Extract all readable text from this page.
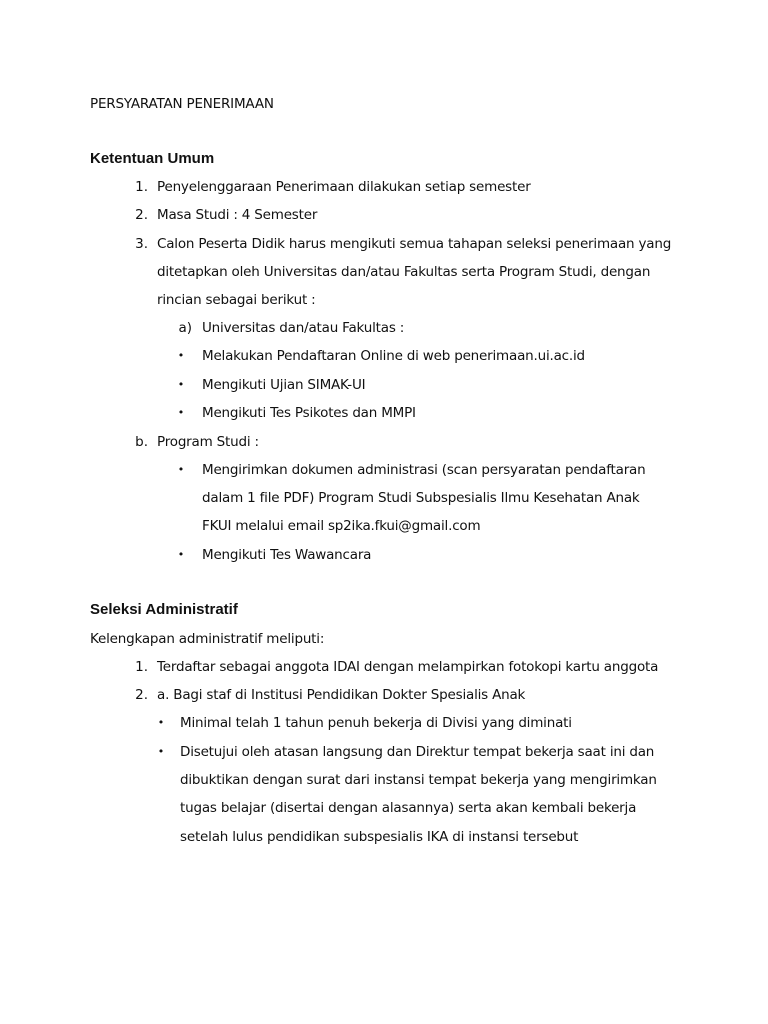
PERSYARATAN PENERIMAAN
Ketentuan Umum
1. Penyelenggaraan Penerimaan dilakukan setiap semester
2. Masa Studi : 4 Semester
3. Calon Peserta Didik harus mengikuti semua tahapan seleksi penerimaan yang
ditetapkan oleh Universitas dan/atau Fakultas serta Program Studi, dengan
rincian sebagai berikut :
a) Universitas dan/atau Fakultas :
• Melakukan Pendaftaran Online di web penerimaan.ui.ac.id
• Mengikuti Ujian SIMAK-UI
• Mengikuti Tes Psikotes dan MMPI
b. Program Studi :
• Mengirimkan dokumen administrasi (scan persyaratan pendaftaran
dalam 1 file PDF) Program Studi Subspesialis Ilmu Kesehatan Anak
FKUI melalui email sp2ika.fkui@gmail.com
• Mengikuti Tes Wawancara
Seleksi Administratif
Kelengkapan administratif meliputi:
1. Terdaftar sebagai anggota IDAI dengan melampirkan fotokopi kartu anggota
2. a. Bagi staf di Institusi Pendidikan Dokter Spesialis Anak
• Minimal telah 1 tahun penuh bekerja di Divisi yang diminati
• Disetujui oleh atasan langsung dan Direktur tempat bekerja saat ini dan
dibuktikan dengan surat dari instansi tempat bekerja yang mengirimkan
tugas belajar (disertai dengan alasannya) serta akan kembali bekerja
setelah lulus pendidikan subspesialis IKA di instansi tersebut
